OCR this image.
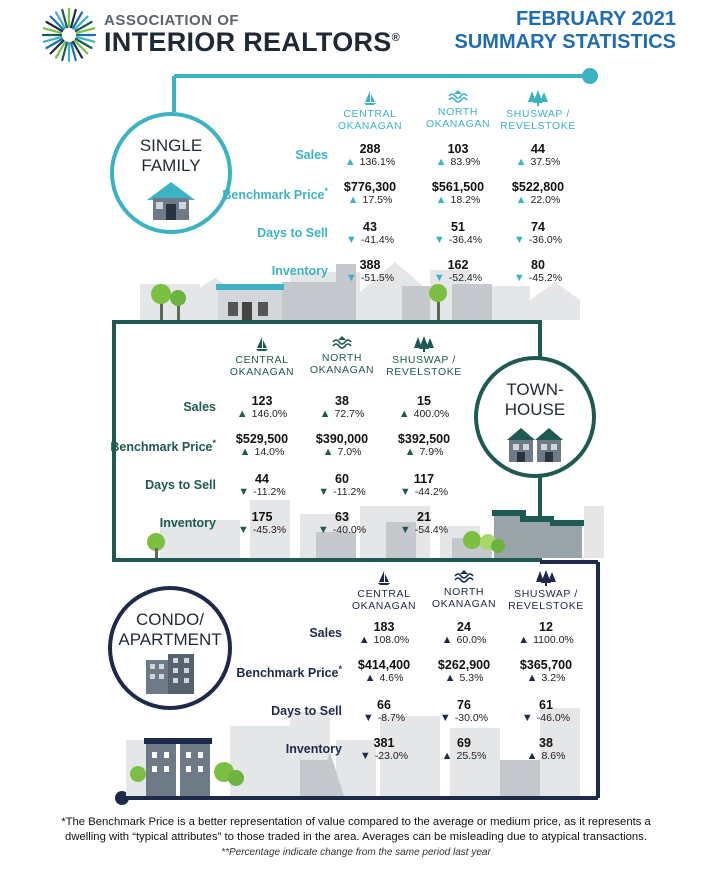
ASSOCIATION OF
INTERIOR REALTORS®
FEBRUARY 2021
SUMMARY STATISTICS
SINGLE
FAMILY
TOWN-
HOUSE
CONDO/
APARTMENT
CENTRAL
OKANAGAN
NORTH
OKANAGAN
SHUSWAP /
REVELSTOKE
Sales	288
▲ 136.1%
103
▲ 83.9%
44
▲ 37.5%
Benchmark Price*	$776,300
▲ 17.5%
$561,500
▲ 18.2%
$522,800
▲ 22.0%
Days to Sell	43
▼ -41.4%
51
▼ -36.4%
74
▼ -36.0%
Inventory	388
▼ -51.5%
162
▼ -52.4%
80
▼ -45.2%
CENTRAL
OKANAGAN
NORTH
OKANAGAN
SHUSWAP /
REVELSTOKE
Sales	123
▲ 146.0%
38
▲ 72.7%
15
▲ 400.0%
Benchmark Price*	$529,500
▲ 14.0%
$390,000
▲ 7.0%
$392,500
▲ 7.9%
Days to Sell	44
▼ -11.2%
60
▼ -11.2%
117
▼ -44.2%
Inventory	175
▼ -45.3%
63
▼ -40.0%
21
▼ -54.4%
CENTRAL
OKANAGAN
NORTH
OKANAGAN
SHUSWAP /
REVELSTOKE
Sales	183
▲ 108.0%
24
▲ 60.0%
12
▲ 1100.0%
Benchmark Price*	$414,400
▲ 4.6%
$262,900
▲ 5.3%
$365,700
▲ 3.2%
Days to Sell	66
▼ -8.7%
76
▼ -30.0%
61
▼ -46.0%
Inventory	381
▼ -23.0%
69
▲ 25.5%
38
▲ 8.6%
*The Benchmark Price is a better representation of value compared to the average or medium price, as it represents a
dwelling with “typical attributes” to those traded in the area. Averages can be misleading due to atypical transactions.
**Percentage indicate change from the same period last year
